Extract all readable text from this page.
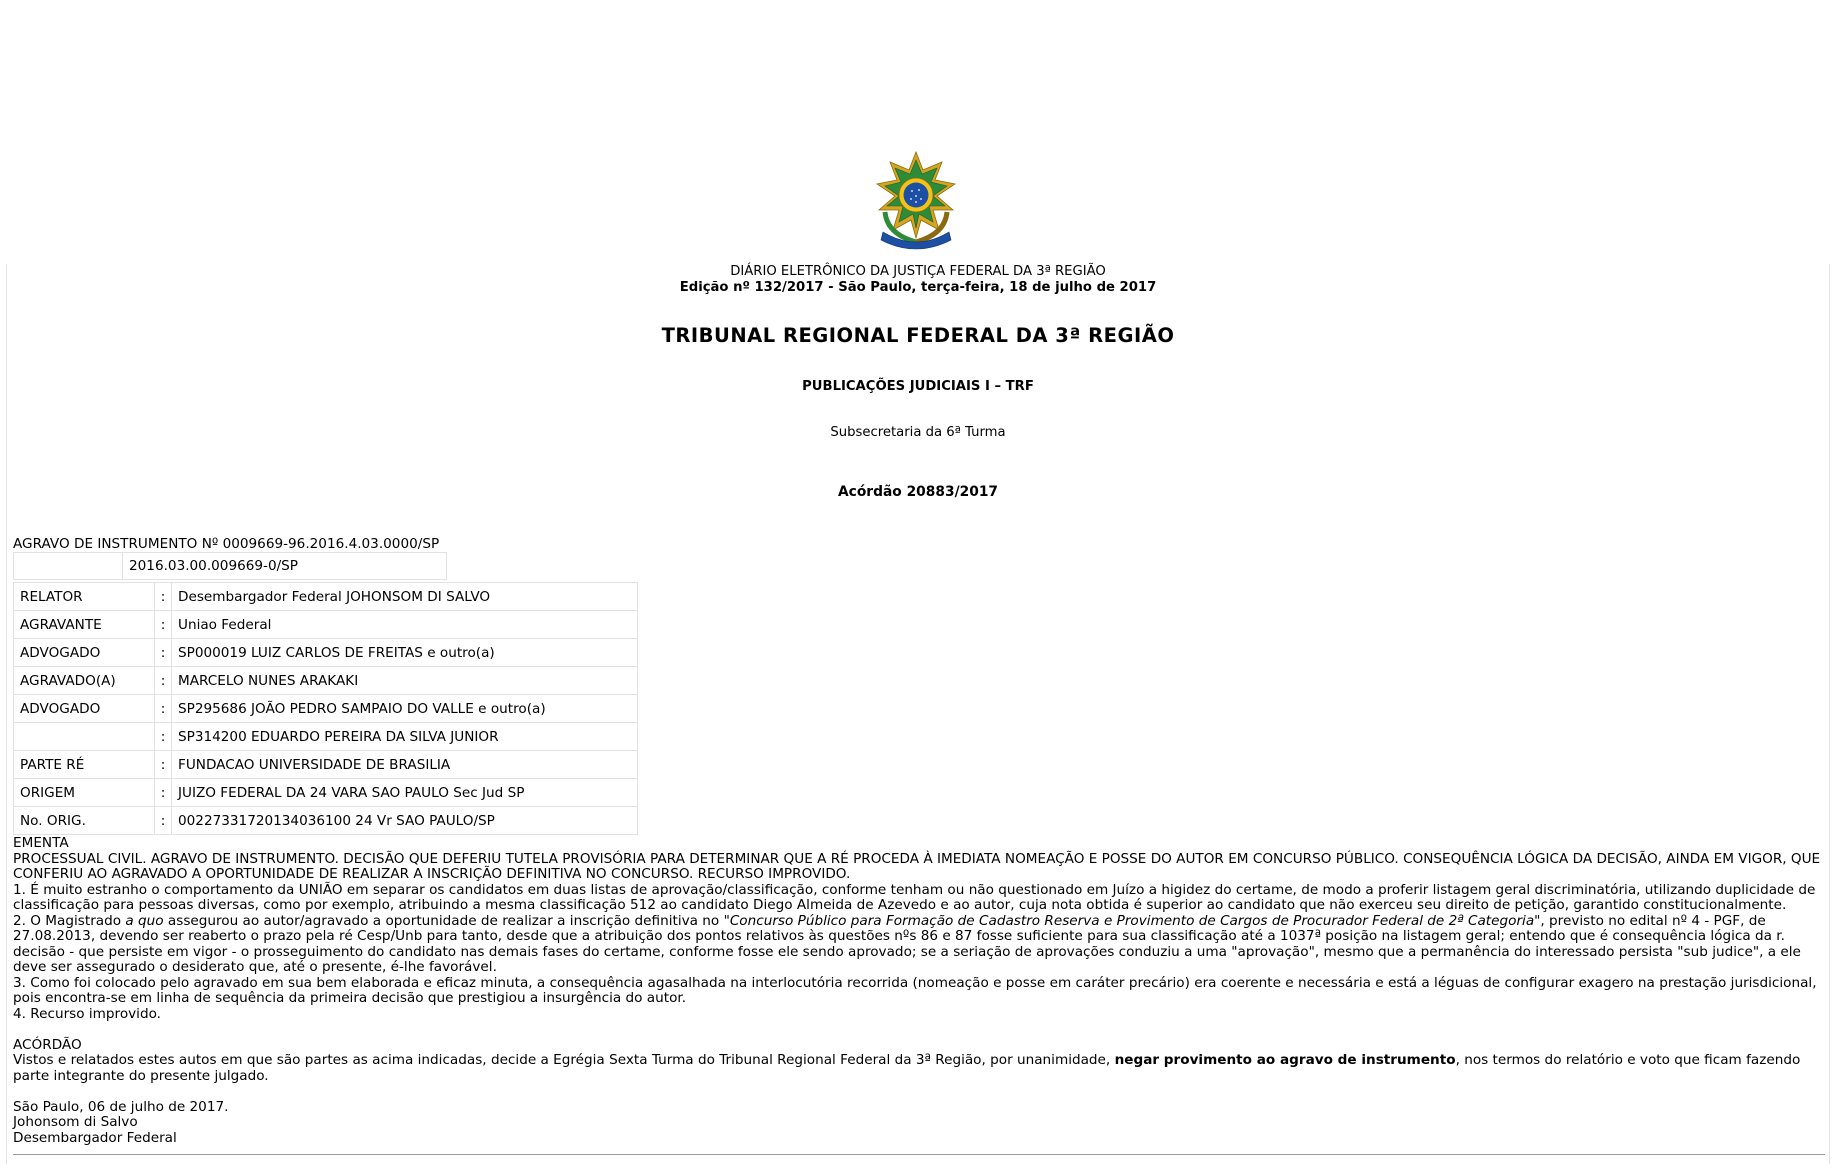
DIÁRIO ELETRÔNICO DA JUSTIÇA FEDERAL DA 3ª REGIÃO
Edição nº 132/2017 - São Paulo, terça-feira, 18 de julho de 2017
TRIBUNAL REGIONAL FEDERAL DA 3ª REGIÃO
PUBLICAÇÕES JUDICIAIS I – TRF
Subsecretaria da 6ª Turma
Acórdão 20883/2017
AGRAVO DE INSTRUMENTO Nº 0009669-96.2016.4.03.0000/SP
	2016.03.00.009669-0/SP
RELATOR	:	Desembargador Federal JOHONSOM DI SALVO
AGRAVANTE	:	Uniao Federal
ADVOGADO	:	SP000019 LUIZ CARLOS DE FREITAS e outro(a)
AGRAVADO(A)	:	MARCELO NUNES ARAKAKI
ADVOGADO	:	SP295686 JOÃO PEDRO SAMPAIO DO VALLE e outro(a)
	:	SP314200 EDUARDO PEREIRA DA SILVA JUNIOR
PARTE RÉ	:	FUNDACAO UNIVERSIDADE DE BRASILIA
ORIGEM	:	JUIZO FEDERAL DA 24 VARA SAO PAULO Sec Jud SP
No. ORIG.	:	00227331720134036100 24 Vr SAO PAULO/SP

EMENTA

PROCESSUAL CIVIL. AGRAVO DE INSTRUMENTO. DECISÃO QUE DEFERIU TUTELA PROVISÓRIA PARA DETERMINAR QUE A RÉ PROCEDA À IMEDIATA NOMEAÇÃO E POSSE DO AUTOR EM CONCURSO PÚBLICO. CONSEQUÊNCIA LÓGICA DA DECISÃO, AINDA EM VIGOR, QUE CONFERIU AO AGRAVADO A OPORTUNIDADE DE REALIZAR A INSCRIÇÃO DEFINITIVA NO CONCURSO. RECURSO IMPROVIDO.

1. É muito estranho o comportamento da UNIÃO em separar os candidatos em duas listas de aprovação/classificação, conforme tenham ou não questionado em Juízo a higidez do certame, de modo a proferir listagem geral discriminatória, utilizando duplicidade de classificação para pessoas diversas, como por exemplo, atribuindo a mesma classificação 512 ao candidato Diego Almeida de Azevedo e ao autor, cuja nota obtida é superior ao candidato que não exerceu seu direito de petição, garantido constitucionalmente.

2. O Magistrado a quo assegurou ao autor/agravado a oportunidade de realizar a inscrição definitiva no "Concurso Público para Formação de Cadastro Reserva e Provimento de Cargos de Procurador Federal de 2ª Categoria", previsto no edital nº 4 - PGF, de 27.08.2013, devendo ser reaberto o prazo pela ré Cesp/Unb para tanto, desde que a atribuição dos pontos relativos às questões nºs 86 e 87 fosse suficiente para sua classificação até a 1037ª posição na listagem geral; entendo que é consequência lógica da r. decisão - que persiste em vigor - o prosseguimento do candidato nas demais fases do certame, conforme fosse ele sendo aprovado; se a seriação de aprovações conduziu a uma "aprovação", mesmo que a permanência do interessado persista "sub judice", a ele deve ser assegurado o desiderato que, até o presente, é-lhe favorável.

3. Como foi colocado pelo agravado em sua bem elaborada e eficaz minuta, a consequência agasalhada na interlocutória recorrida (nomeação e posse em caráter precário) era coerente e necessária e está a léguas de configurar exagero na prestação jurisdicional, pois encontra-se em linha de sequência da primeira decisão que prestigiou a insurgência do autor.

4. Recurso improvido.

ACÓRDÃO

Vistos e relatados estes autos em que são partes as acima indicadas, decide a Egrégia Sexta Turma do Tribunal Regional Federal da 3ª Região, por unanimidade, negar provimento ao agravo de instrumento, nos termos do relatório e voto que ficam fazendo parte integrante do presente julgado.

São Paulo, 06 de julho de 2017.

Johonsom di Salvo

Desembargador Federal
